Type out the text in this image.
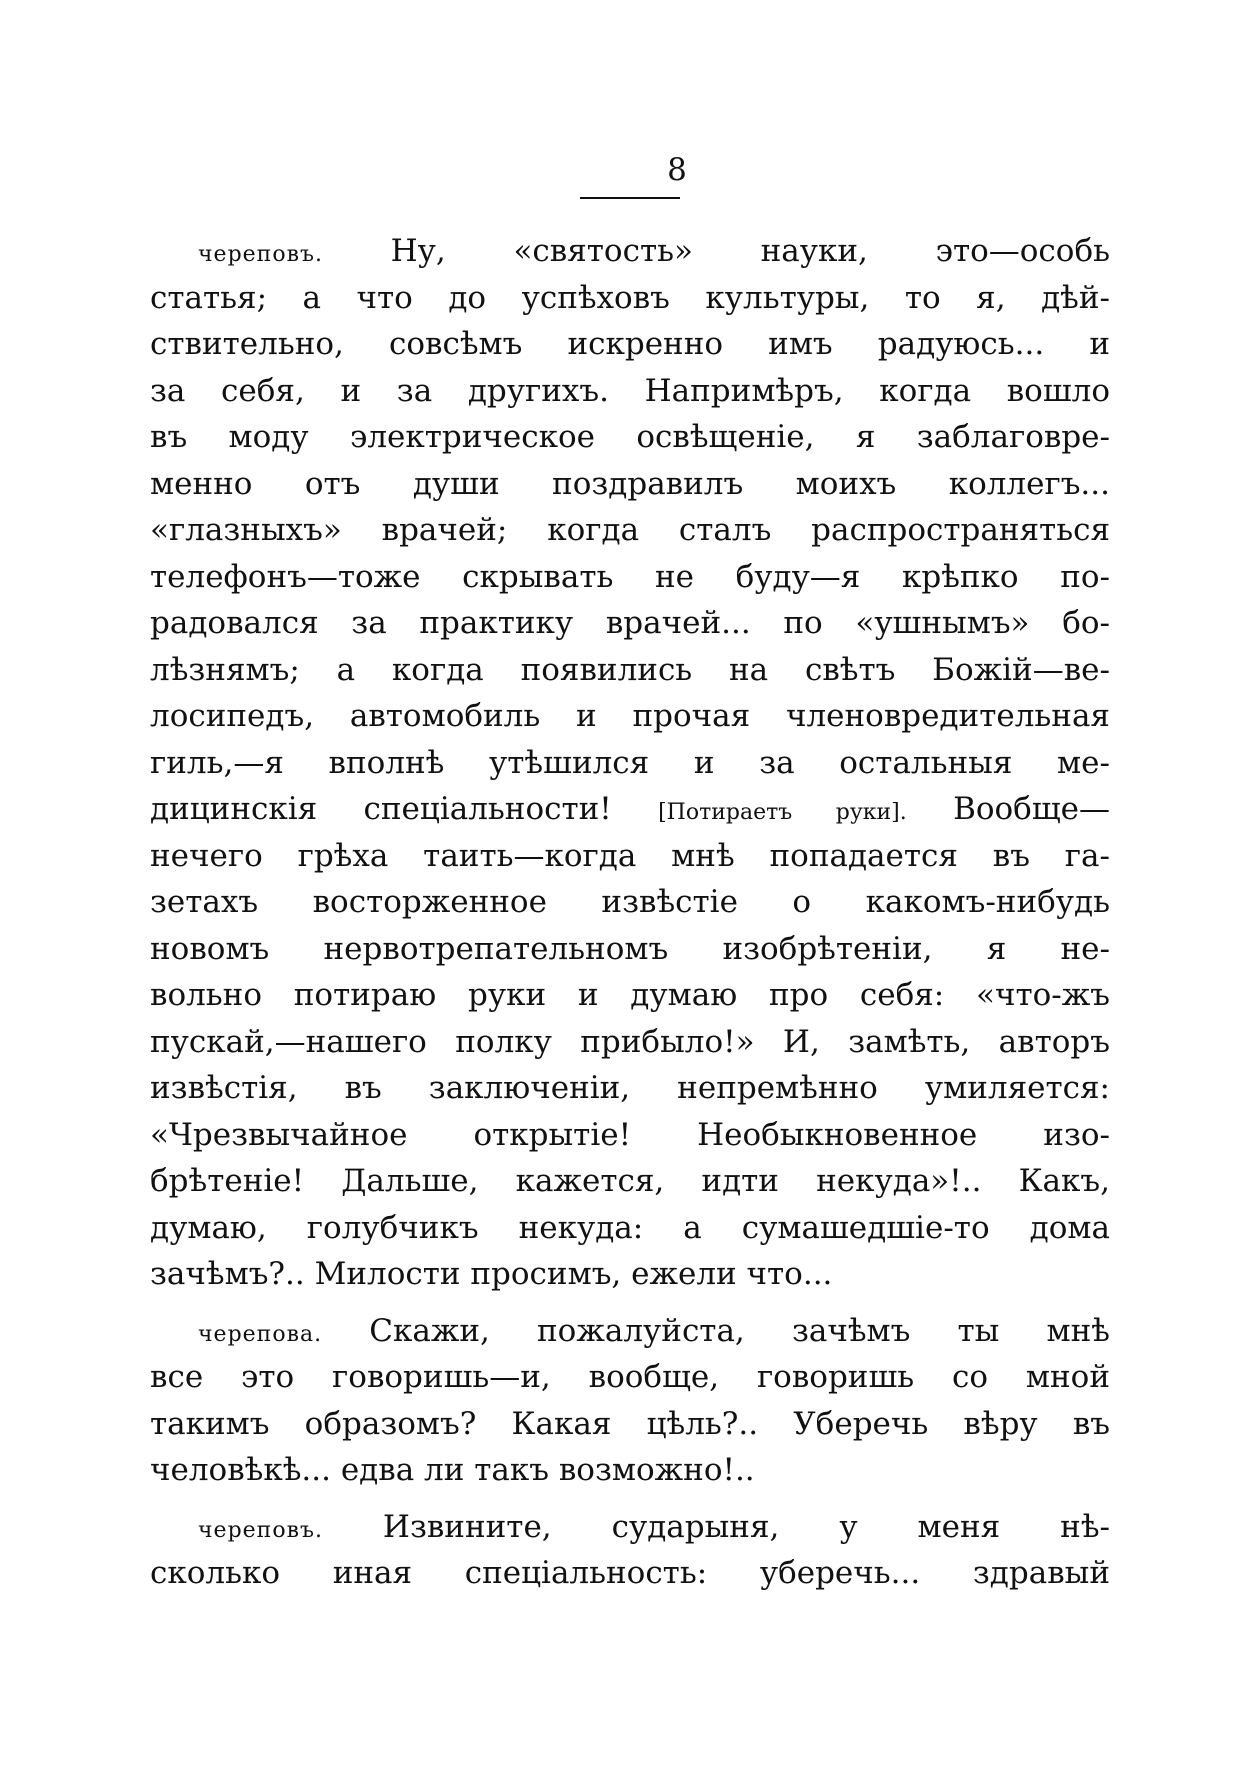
8
череповъ. Ну, «святость» науки, это—особь
статья; а что до успѣховъ культуры, то я, дѣй-
ствительно, совсѣмъ искренно имъ радуюсь... и
за себя, и за другихъ. Напримѣръ, когда вошло
въ моду электрическое освѣщеніе, я заблаговре-
менно отъ души поздравилъ моихъ коллегъ...
«глазныхъ» врачей; когда сталъ распространяться
телефонъ—тоже скрывать не буду—я крѣпко по-
радовался за практику врачей... по «ушнымъ» бо-
лѣзнямъ; а когда появились на свѣтъ Божій—ве-
лосипедъ, автомобиль и прочая членовредительная
гиль,—я вполнѣ утѣшился и за остальныя ме-
дицинскія спеціальности! [Потираетъ руки]. Вообще—
нечего грѣха таить—когда мнѣ попадается въ га-
зетахъ восторженное извѣстіе о какомъ-нибудь
новомъ нервотрепательномъ изобрѣтеніи, я не-
вольно потираю руки и думаю про себя: «что-жъ
пускай,—нашего полку прибыло!» И, замѣть, авторъ
извѣстія, въ заключеніи, непремѣнно умиляется:
«Чрезвычайное открытіе! Необыкновенное изо-
брѣтеніе! Дальше, кажется, идти некуда»!.. Какъ,
думаю, голубчикъ некуда: а сумашедшіе-то дома
зачѣмъ?.. Милости просимъ, ежели что...
черепова. Скажи, пожалуйста, зачѣмъ ты мнѣ
все это говоришь—и, вообще, говоришь со мной
такимъ образомъ? Какая цѣль?.. Уберечь вѣру въ
человѣкѣ... едва ли такъ возможно!..
череповъ. Извините, сударыня, у меня нѣ-
сколько иная спеціальность: уберечь... здравый
